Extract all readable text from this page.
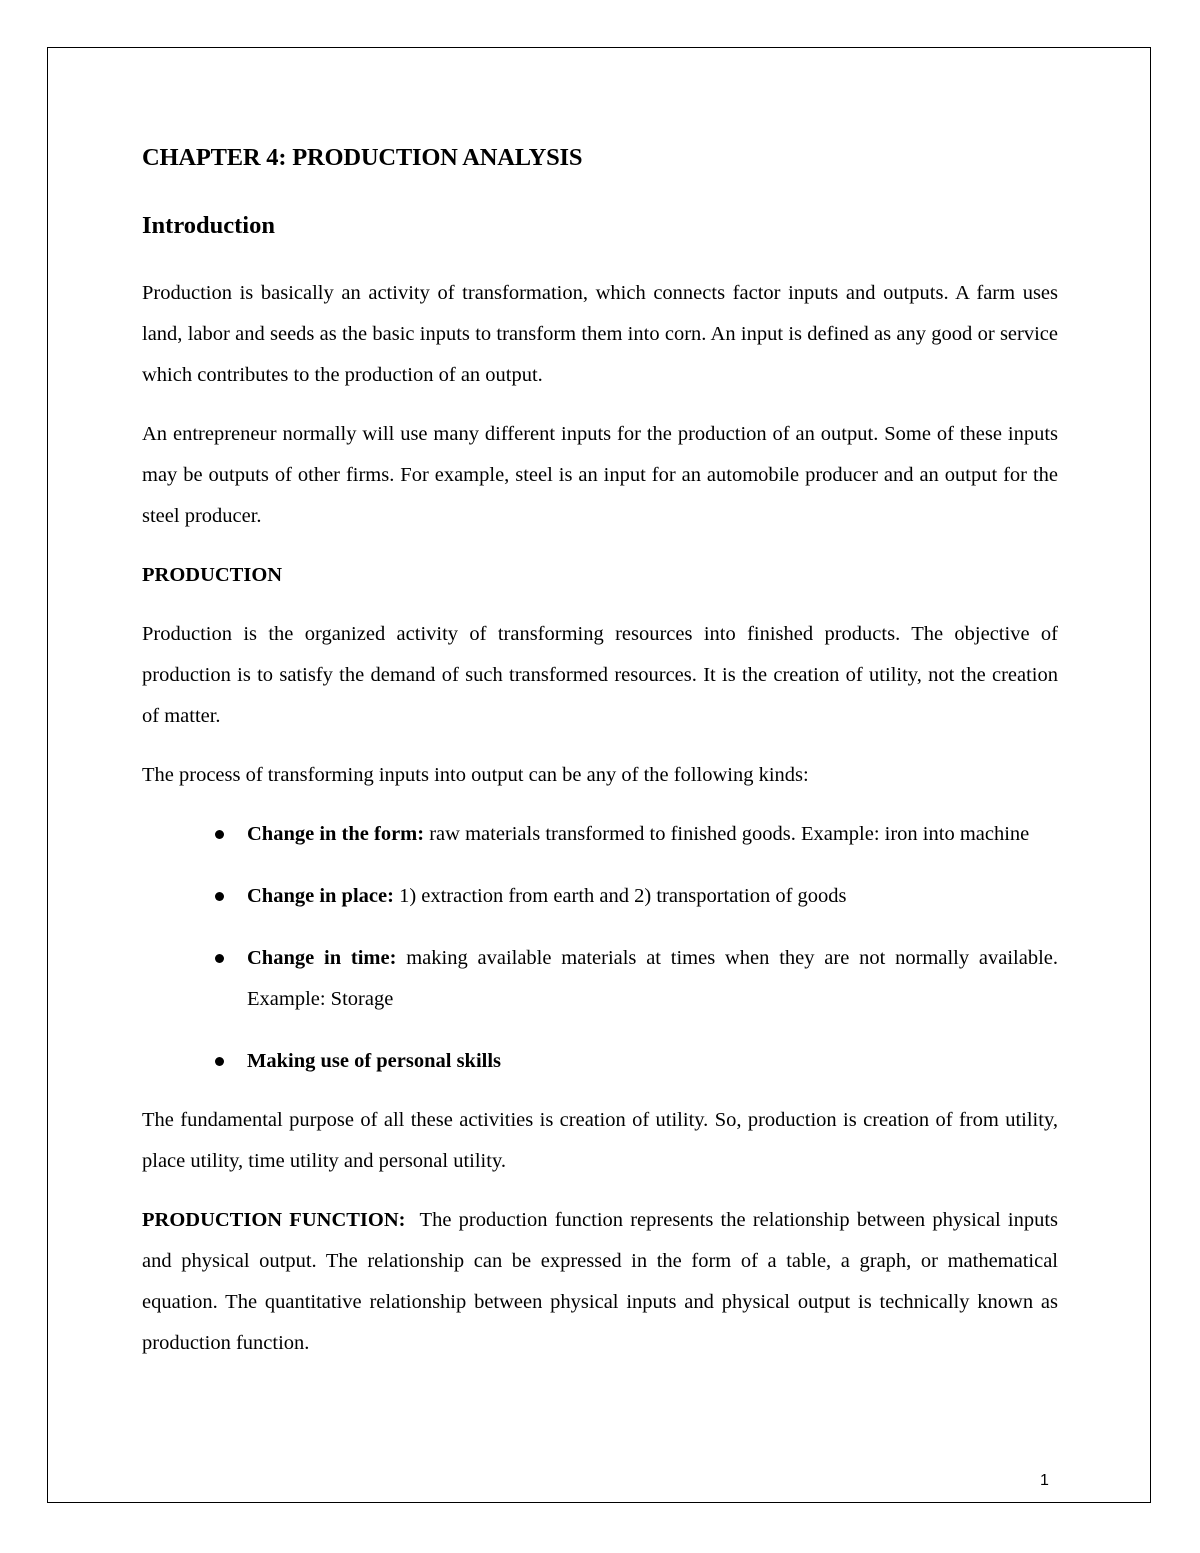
CHAPTER 4: PRODUCTION ANALYSIS
Introduction

Production is basically an activity of transformation, which connects factor inputs and outputs. A farm uses land, labor and seeds as the basic inputs to transform them into corn. An input is defined as any good or service which contributes to the production of an output.

An entrepreneur normally will use many different inputs for the production of an output. Some of these inputs may be outputs of other firms. For example, steel is an input for an automobile producer and an output for the steel producer.

PRODUCTION

Production is the organized activity of transforming resources into finished products. The objective of production is to satisfy the demand of such transformed resources. It is the creation of utility, not the creation of matter.

The process of transforming inputs into output can be any of the following kinds:

Change in the form: raw materials transformed to finished goods. Example: iron into machine
Change in place: 1) extraction from earth and 2) transportation of goods
Change in time: making available materials at times when they are not normally available. Example: Storage
Making use of personal skills

The fundamental purpose of all these activities is creation of utility. So, production is creation of from utility, place utility, time utility and personal utility.

PRODUCTION FUNCTION:  The production function represents the relationship between physical inputs and physical output. The relationship can be expressed in the form of a table, a graph, or mathematical equation. The quantitative relationship between physical inputs and physical output is technically known as production function.

1
